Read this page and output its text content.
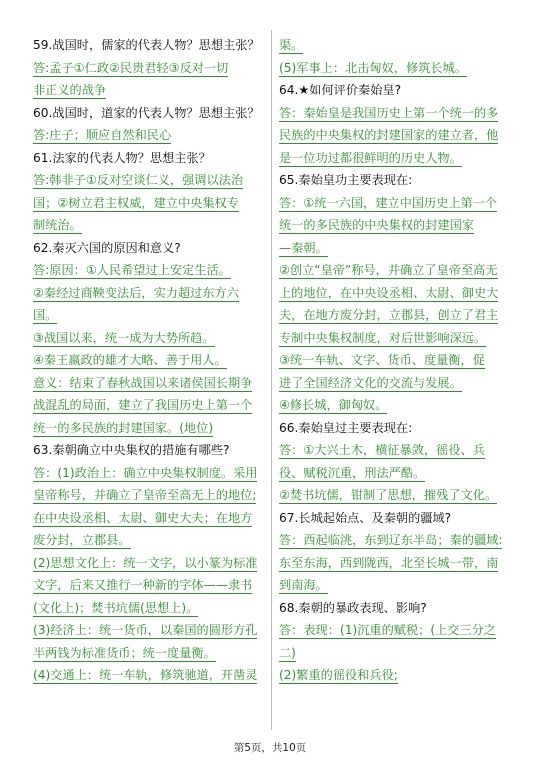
59.战国时，儒家的代表人物？思想主张？
答:孟子①仁政②民贵君轻③反对一切
非正义的战争
60.战国时，道家的代表人物？思想主张？
答:庄子；顺应自然和民心
61.法家的代表人物？思想主张？
答:韩非子①反对空谈仁义，强调以法治
国；②树立君主权威，建立中央集权专
制统治。
62.秦灭六国的原因和意义?
答:原因：①人民希望过上安定生活。
②秦经过商鞅变法后，实力超过东方六
国。
③战国以来，统一成为大势所趋。
④秦王嬴政的雄才大略、善于用人。
意义：结束了春秋战国以来诸侯国长期争
战混乱的局面，建立了我国历史上第一个
统一的多民族的封建国家。(地位)
63.秦朝确立中央集权的措施有哪些?
答：(1)政治上：确立中央集权制度。采用
皇帝称号，并确立了皇帝至高无上的地位;
在中央设丞相、太尉、御史大夫；在地方
废分封，立郡县。
(2)思想文化上：统一文字，以小篆为标准
文字，后来又推行一种新的字体——隶书
(文化上)；焚书坑儒(思想上)。
(3)经济上：统一货币，以秦国的圆形方孔
半两钱为标准货币；统一度量衡。
(4)交通上：统一车轨，修筑驰道，开凿灵
渠。
(5)军事上：北击匈奴，修筑长城。
64.★如何评价秦始皇?
答：秦始皇是我国历史上第一个统一的多
民族的中央集权的封建国家的建立者，他
是一位功过都很鲜明的历史人物。
65.秦始皇功主要表现在:
答：①统一六国，建立中国历史上第一个
统一的多民族的中央集权的封建国家
—秦朝。
②创立“皇帝”称号，并确立了皇帝至高无
上的地位，在中央设丞相、太尉、御史大
夫，在地方废分封，立郡县，创立了君主
专制中央集权制度，对后世影响深远。
③统一车轨、文字、货币、度量衡，促
进了全国经济文化的交流与发展。
④修长城，御匈奴。
66.秦始皇过主要表现在:
答：①大兴土木，横征暴敛，徭役、兵
役、赋税沉重，刑法严酷。
②焚书坑儒，钳制了思想，摧残了文化。
67.长城起始点、及秦朝的疆域?
答：西起临洮，东到辽东半岛；秦的疆域:
东至东海，西到陇西，北至长城一带，南
到南海。
68.秦朝的暴政表现、影响?
答：表现：(1)沉重的赋税；(上交三分之
二)
(2)繁重的徭役和兵役;
第5页，共10页
